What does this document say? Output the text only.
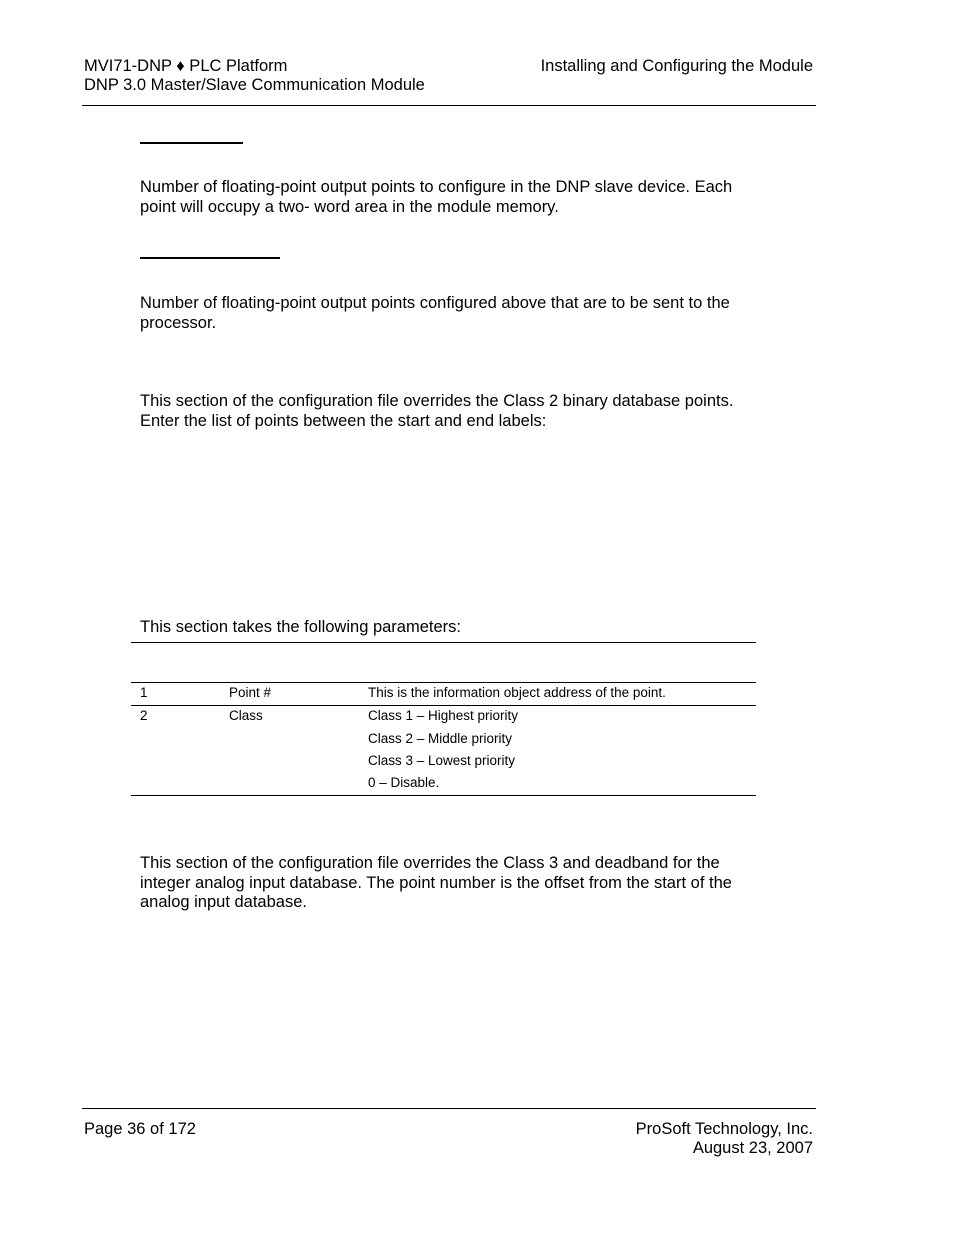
MVI71-DNP ♦ PLC Platform
DNP 3.0 Master/Slave Communication Module
Installing and Configuring the Module
Number of floating-point output points to configure in the DNP slave device. Each point will occupy a two- word area in the module memory.
Number of floating-point output points configured above that are to be sent to the processor.
This section of the configuration file overrides the Class 2 binary database points. Enter the list of points between the start and end labels:
This section takes the following parameters:
1	Point #	This is the information object address of the point.
2	Class	Class 1 – Highest priority
Class 2 – Middle priority
Class 3 – Lowest priority
0 – Disable.
This section of the configuration file overrides the Class 3 and deadband for the integer analog input database. The point number is the offset from the start of the analog input database.
Page 36 of 172	ProSoft Technology, Inc.
August 23, 2007
